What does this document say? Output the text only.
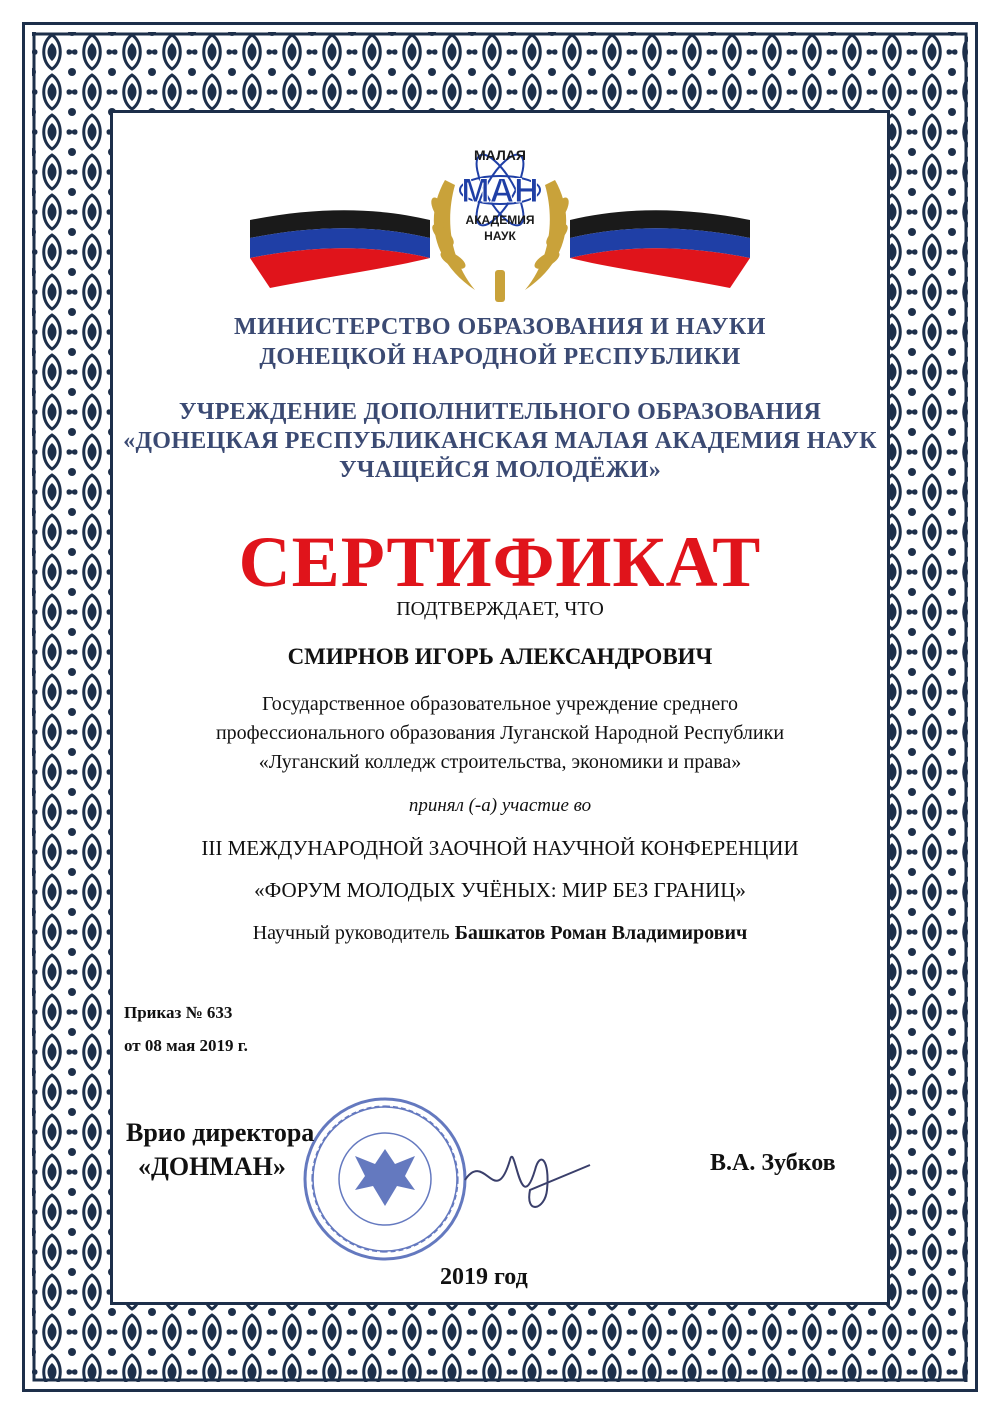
МАЛАЯ
МАН
АКАДЕМИЯ
НАУК
МИНИСТЕРСТВО ОБРАЗОВАНИЯ И НАУКИ
ДОНЕЦКОЙ НАРОДНОЙ РЕСПУБЛИКИ
УЧРЕЖДЕНИЕ ДОПОЛНИТЕЛЬНОГО ОБРАЗОВАНИЯ
«ДОНЕЦКАЯ РЕСПУБЛИКАНСКАЯ МАЛАЯ АКАДЕМИЯ НАУК
УЧАЩЕЙСЯ МОЛОДЁЖИ»
СЕРТИФИКАТ
ПОДТВЕРЖДАЕТ, ЧТО
СМИРНОВ ИГОРЬ АЛЕКСАНДРОВИЧ
Государственное образовательное учреждение среднего
профессионального образования Луганской Народной Республики
«Луганский колледж строительства, экономики и права»
принял (-а) участие во
III МЕЖДУНАРОДНОЙ ЗАОЧНОЙ НАУЧНОЙ КОНФЕРЕНЦИИ
«ФОРУМ МОЛОДЫХ УЧЁНЫХ: МИР БЕЗ ГРАНИЦ»
Научный руководитель Башкатов Роман Владимирович
Приказ № 633
от 08 мая 2019 г.
Врио директора
«ДОНМАН»	В.А. Зубков
2019 год
